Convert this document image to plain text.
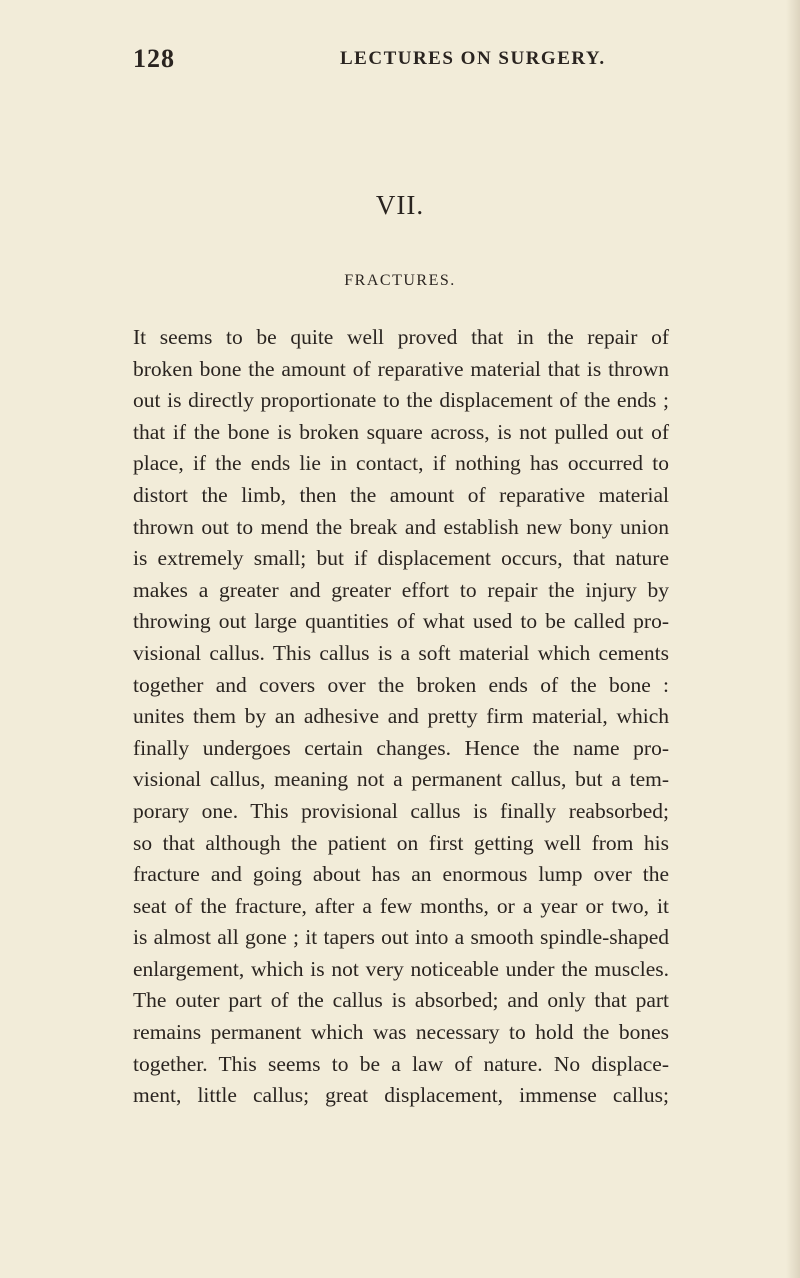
128	LECTURES ON SURGERY.
VII.
FRACTURES.
It seems to be quite well proved that in the repair of
broken bone the amount of reparative material that is thrown
out is directly proportionate to the displacement of the ends ;
that if the bone is broken square across, is not pulled out of
place, if the ends lie in contact, if nothing has occurred to
distort the limb, then the amount of reparative material
thrown out to mend the break and establish new bony union
is extremely small; but if displacement occurs, that nature
makes a greater and greater effort to repair the injury by
throwing out large quantities of what used to be called pro-
visional callus. This callus is a soft material which cements
together and covers over the broken ends of the bone :
unites them by an adhesive and pretty firm material, which
finally undergoes certain changes. Hence the name pro-
visional callus, meaning not a permanent callus, but a tem-
porary one. This provisional callus is finally reabsorbed;
so that although the patient on first getting well from his
fracture and going about has an enormous lump over the
seat of the fracture, after a few months, or a year or two, it
is almost all gone ; it tapers out into a smooth spindle-shaped
enlargement, which is not very noticeable under the muscles.
The outer part of the callus is absorbed; and only that part
remains permanent which was necessary to hold the bones
together. This seems to be a law of nature. No displace-
ment, little callus; great displacement, immense callus;
